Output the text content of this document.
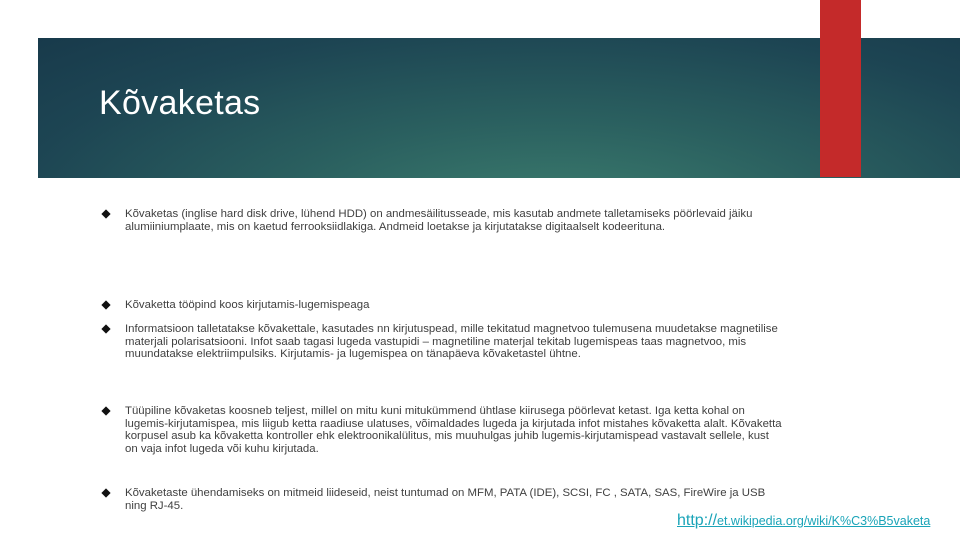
Kõvaketas
Kõvaketas (inglise hard disk drive, lühend HDD) on andmesäilitusseade, mis kasutab andmete talletamiseks pöörlevaid jäiku alumiiniumplaate, mis on kaetud ferrooksiidlakiga. Andmeid loetakse ja kirjutatakse digitaalselt kodeerituna.
Kõvaketta tööpind koos kirjutamis-lugemispeaga
Informatsioon talletatakse kõvakettale, kasutades nn kirjutuspead, mille tekitatud magnetvoo tulemusena muudetakse magnetilise materjali polarisatsiooni. Infot saab tagasi lugeda vastupidi – magnetiline materjal tekitab lugemispeas taas magnetvoo, mis muundatakse elektriimpulsiks. Kirjutamis- ja lugemispea on tänapäeva kõvaketastel ühtne.
Tüüpiline kõvaketas koosneb teljest, millel on mitu kuni mitukümmend ühtlase kiirusega pöörlevat ketast. Iga ketta kohal on lugemis-kirjutamispea, mis liigub ketta raadiuse ulatuses, võimaldades lugeda ja kirjutada infot mistahes kõvaketta alalt. Kõvaketta korpusel asub ka kõvaketta kontroller ehk elektroonikalülitus, mis muuhulgas juhib lugemis-kirjutamispead vastavalt sellele, kust on vaja infot lugeda või kuhu kirjutada.
Kõvaketaste ühendamiseks on mitmeid liideseid, neist tuntumad on MFM, PATA (IDE), SCSI, FC , SATA, SAS, FireWire ja USB ning RJ-45.
http://et.wikipedia.org/wiki/K%C3%B5vaketa
